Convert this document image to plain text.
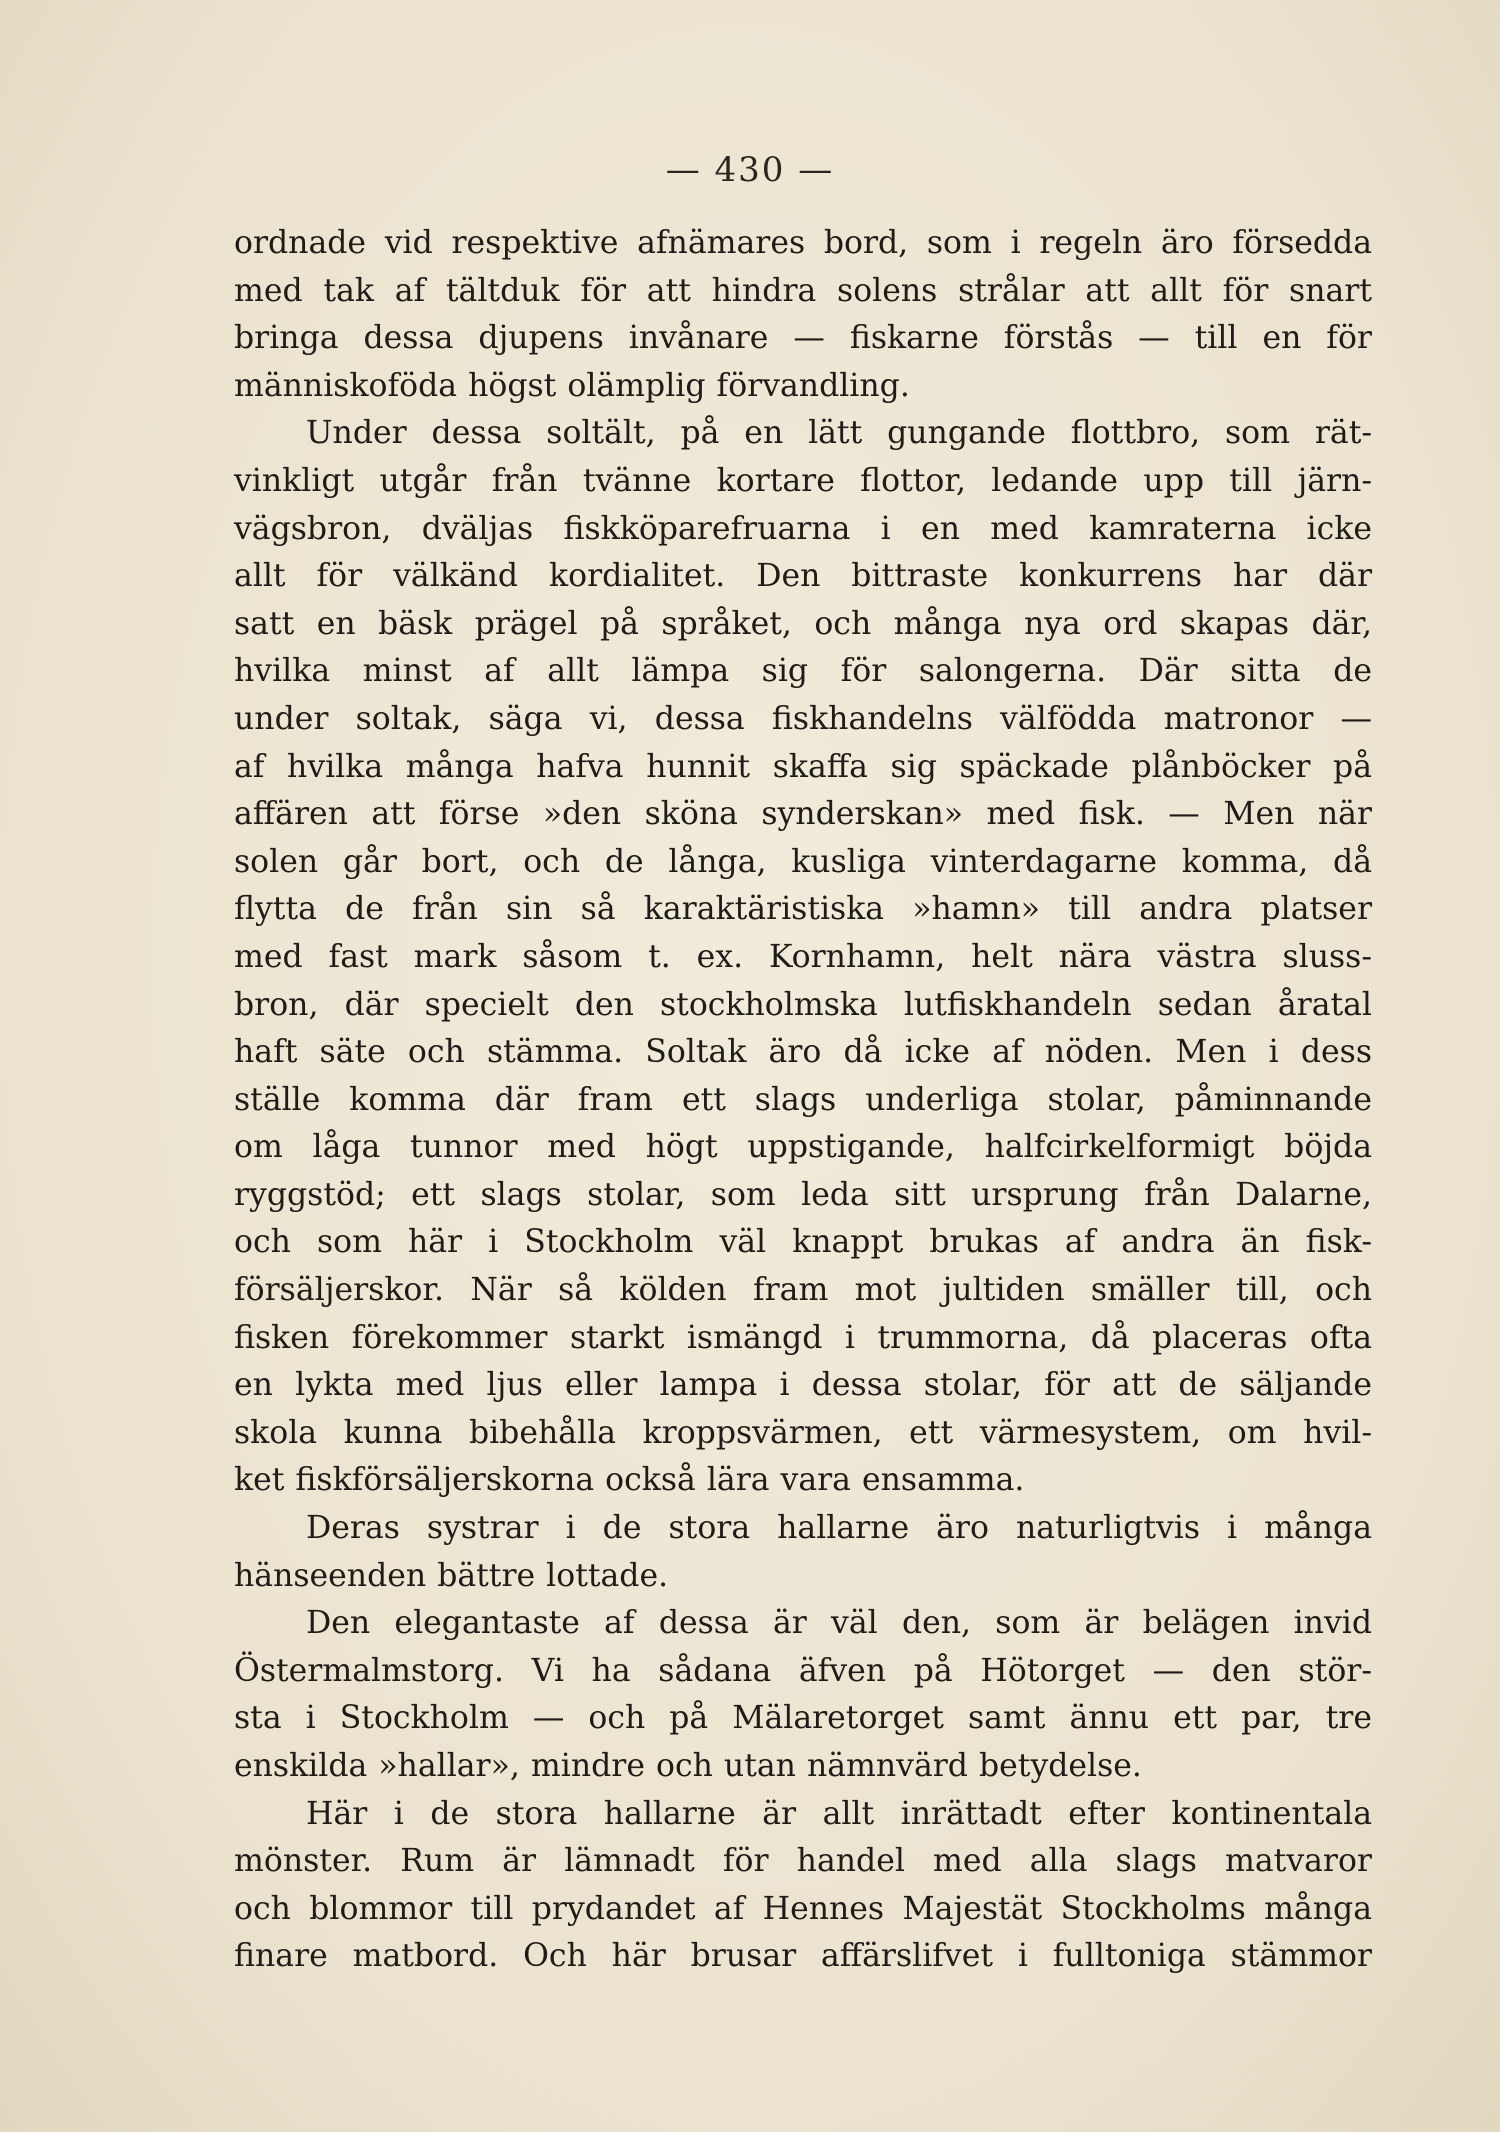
— 430 —
ordnade vid respektive afnämares bord, som i regeln äro försedda
med tak af tältduk för att hindra solens strålar att allt för snart
bringa dessa djupens invånare — fiskarne förstås — till en för
människoföda högst olämplig förvandling.
Under dessa soltält, på en lätt gungande flottbro, som rät-
vinkligt utgår från tvänne kortare flottor, ledande upp till järn-
vägsbron, dväljas fiskköparefruarna i en med kamraterna icke
allt för välkänd kordialitet. Den bittraste konkurrens har där
satt en bäsk prägel på språket, och många nya ord skapas där,
hvilka minst af allt lämpa sig för salongerna. Där sitta de
under soltak, säga vi, dessa fiskhandelns välfödda matronor —
af hvilka många hafva hunnit skaffa sig späckade plånböcker på
affären att förse »den sköna synderskan» med fisk. — Men när
solen går bort, och de långa, kusliga vinterdagarne komma, då
flytta de från sin så karaktäristiska »hamn» till andra platser
med fast mark såsom t. ex. Kornhamn, helt nära västra sluss-
bron, där specielt den stockholmska lutfiskhandeln sedan åratal
haft säte och stämma. Soltak äro då icke af nöden. Men i dess
ställe komma där fram ett slags underliga stolar, påminnande
om låga tunnor med högt uppstigande, halfcirkelformigt böjda
ryggstöd; ett slags stolar, som leda sitt ursprung från Dalarne,
och som här i Stockholm väl knappt brukas af andra än fisk-
försäljerskor. När så kölden fram mot jultiden smäller till, och
fisken förekommer starkt ismängd i trummorna, då placeras ofta
en lykta med ljus eller lampa i dessa stolar, för att de säljande
skola kunna bibehålla kroppsvärmen, ett värmesystem, om hvil-
ket fiskförsäljerskorna också lära vara ensamma.
Deras systrar i de stora hallarne äro naturligtvis i många
hänseenden bättre lottade.
Den elegantaste af dessa är väl den, som är belägen invid
Östermalmstorg. Vi ha sådana äfven på Hötorget — den stör-
sta i Stockholm — och på Mälaretorget samt ännu ett par, tre
enskilda »hallar», mindre och utan nämnvärd betydelse.
Här i de stora hallarne är allt inrättadt efter kontinentala
mönster. Rum är lämnadt för handel med alla slags matvaror
och blommor till prydandet af Hennes Majestät Stockholms många
finare matbord. Och här brusar affärslifvet i fulltoniga stämmor
